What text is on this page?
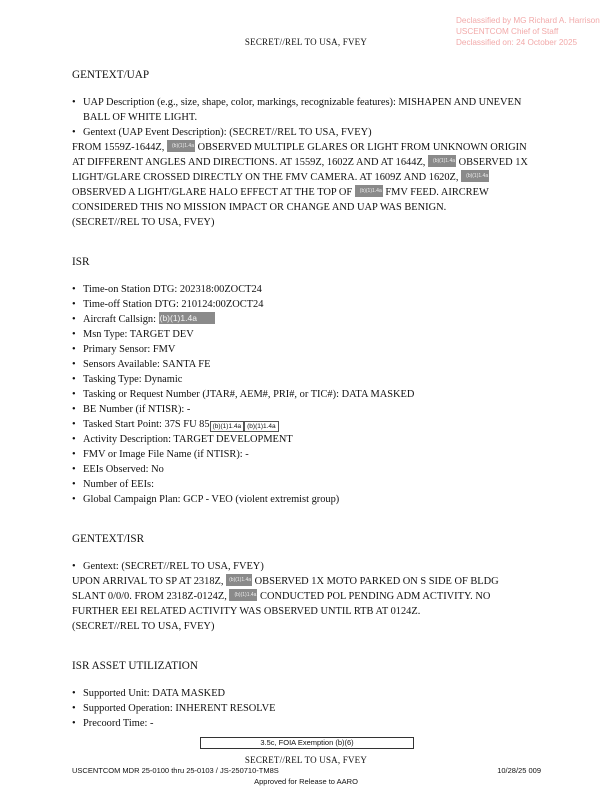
Declassified by MG Richard A. Harrison
USCENTCOM Chief of Staff
Declassified on: 24 October 2025
SECRET//REL TO USA, FVEY
GENTEXT/UAP
• UAP Description (e.g., size, shape, color, markings, recognizable features): MISHAPEN AND UNEVEN BALL OF WHITE LIGHT.
• Gentext (UAP Event Description): (SECRET//REL TO USA, FVEY)

FROM 1559Z-1644Z, (b)(1)1.4a OBSERVED MULTIPLE GLARES OR LIGHT FROM UNKNOWN ORIGIN AT DIFFERENT ANGLES AND DIRECTIONS. AT 1559Z, 1602Z AND AT 1644Z, (b)(1)1.4a OBSERVED 1X LIGHT/GLARE CROSSED DIRECTLY ON THE FMV CAMERA. AT 1609Z AND 1620Z, (b)(1)1.4a OBSERVED A LIGHT/GLARE HALO EFFECT AT THE TOP OF (b)(1)1.4a FMV FEED. AIRCREW CONSIDERED THIS NO MISSION IMPACT OR CHANGE AND UAP WAS BENIGN.

(SECRET//REL TO USA, FVEY)

ISR
• Time-on Station DTG: 202318:00ZOCT24
• Time-off Station DTG: 210124:00ZOCT24
• Aircraft Callsign: (b)(1)1.4a
• Msn Type: TARGET DEV
• Primary Sensor: FMV
• Sensors Available: SANTA FE
• Tasking Type: Dynamic
• Tasking or Request Number (JTAR#, AEM#, PRI#, or TIC#): DATA MASKED
• BE Number (if NTISR): -
• Tasked Start Point: 37S FU 85 (b)(1)1.4a (b)(1)1.4a
• Activity Description: TARGET DEVELOPMENT
• FMV or Image File Name (if NTISR): -
• EEIs Observed: No
• Number of EEIs:
• Global Campaign Plan: GCP - VEO (violent extremist group)
GENTEXT/ISR
• Gentext: (SECRET//REL TO USA, FVEY)

UPON ARRIVAL TO SP AT 2318Z, (b)(1)1.4a OBSERVED 1X MOTO PARKED ON S SIDE OF BLDG SLANT 0/0/0. FROM 2318Z-0124Z, (b)(1)1.4a CONDUCTED POL PENDING ADM ACTIVITY. NO FURTHER EEI RELATED ACTIVITY WAS OBSERVED UNTIL RTB AT 0124Z.

(SECRET//REL TO USA, FVEY)

ISR ASSET UTILIZATION
• Supported Unit: DATA MASKED
• Supported Operation: INHERENT RESOLVE
• Precoord Time: -
3.5c, FOIA Exemption (b)(6)
SECRET//REL TO USA, FVEY
USCENTCOM MDR 25-0100 thru 25-0103 / JS-250710-TM8S	10/28/25 009
Approved for Release to AARO
